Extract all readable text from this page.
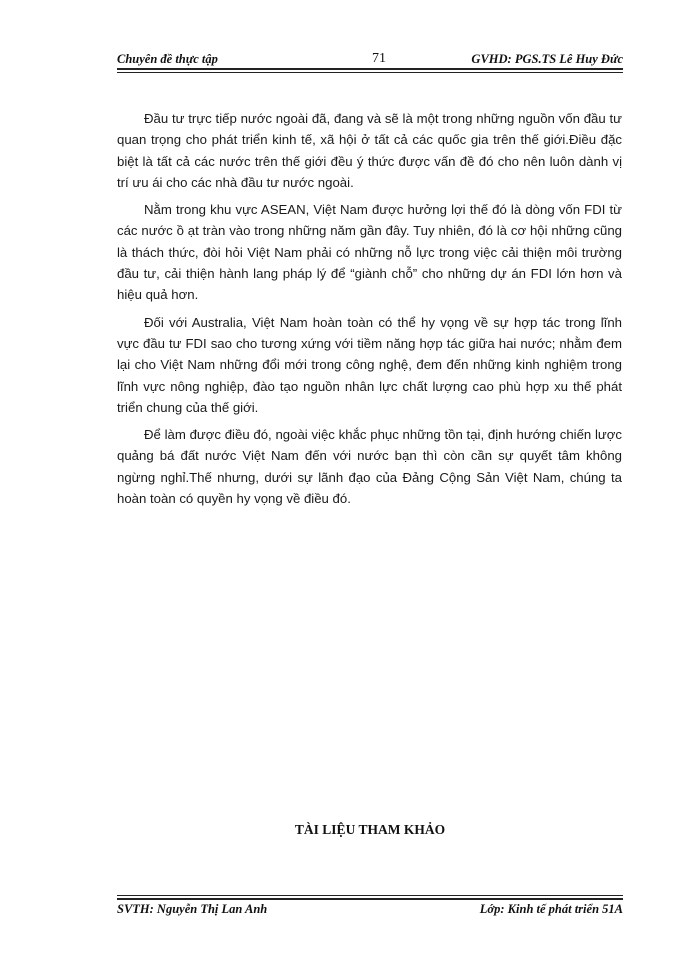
Chuyên đề thực tập	71	GVHD: PGS.TS Lê Huy Đức

Đầu tư trực tiếp nước ngoài đã, đang và sẽ là một trong những nguồn vốn đầu tư quan trọng cho phát triển kinh tế, xã hội ở tất cả các quốc gia trên thế giới.Điều đặc biệt là tất cả các nước trên thế giới đều ý thức được vấn đề đó cho nên luôn dành vị trí ưu ái cho các nhà đầu tư nước ngoài.

Nằm trong khu vực ASEAN, Việt Nam được hưởng lợi thế đó là dòng vốn FDI từ các nước ồ ạt tràn vào trong những năm gần đây. Tuy nhiên, đó là cơ hội những cũng là thách thức, đòi hỏi Việt Nam phải có những nỗ lực trong việc cải thiện môi trường đầu tư, cải thiện hành lang pháp lý để “giành chỗ” cho những dự án FDI lớn hơn và hiệu quả hơn.

Đối với Australia, Việt Nam hoàn toàn có thể hy vọng về sự hợp tác trong lĩnh vực đầu tư FDI sao cho tương xứng với tiềm năng hợp tác giữa hai nước; nhằm đem lại cho Việt Nam những đổi mới trong công nghệ, đem đến những kinh nghiệm trong lĩnh vực nông nghiệp, đào tạo nguồn nhân lực chất lượng cao phù hợp xu thế phát triển chung của thế giới.

Để làm được điều đó, ngoài việc khắc phục những tồn tại, định hướng chiến lược quảng bá đất nước Việt Nam đến với nước bạn thì còn cần sự quyết tâm không ngừng nghỉ.Thế nhưng, dưới sự lãnh đạo của Đảng Cộng Sản Việt Nam, chúng ta hoàn toàn có quyền hy vọng về điều đó.

TÀI LIỆU THAM KHẢO
SVTH: Nguyễn Thị Lan Anh	Lớp: Kinh tế phát triển 51A
